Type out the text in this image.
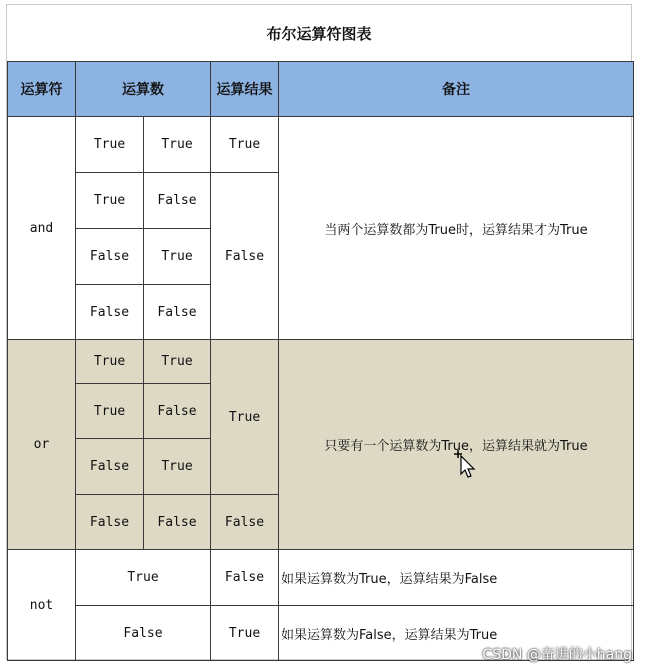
布尔运算符图表
运算符	运算数		运算结果	备注
and	True	True	True	当两个运算数都为True时，运算结果才为True
	True	False	False	
	False	True		
	False	False		
or	True	True	True	只要有一个运算数为True，运算结果就为True
	True	False		
	False	True		
	False	False	False	
not	True		False	如果运算数为True，运算结果为False
	False		True	如果运算数为False，运算结果为True
CSDN @奋进的小hang
